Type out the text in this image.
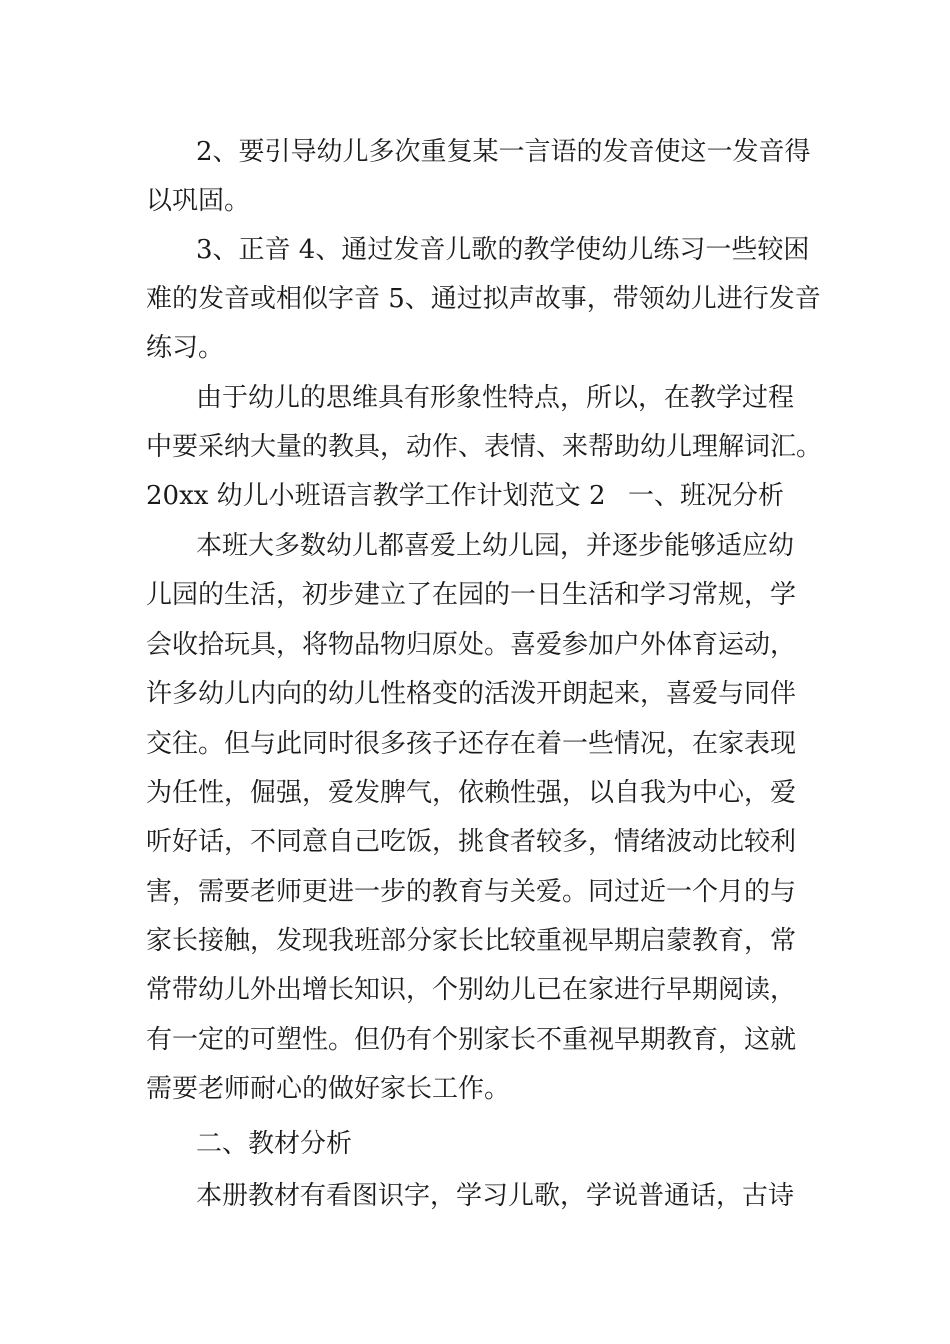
2、要引导幼儿多次重复某一言语的发音使这一发音得
以巩固。
3、正音 4、通过发音儿歌的教学使幼儿练习一些较困
难的发音或相似字音 5、通过拟声故事，带领幼儿进行发音
练习。
由于幼儿的思维具有形象性特点，所以，在教学过程
中要采纳大量的教具，动作、表情、来帮助幼儿理解词汇。
20xx 幼儿小班语言教学工作计划范文 2 一、班况分析
本班大多数幼儿都喜爱上幼儿园，并逐步能够适应幼
儿园的生活，初步建立了在园的一日生活和学习常规，学
会收拾玩具，将物品物归原处。喜爱参加户外体育运动，
许多幼儿内向的幼儿性格变的活泼开朗起来，喜爱与同伴
交往。但与此同时很多孩子还存在着一些情况，在家表现
为任性，倔强，爱发脾气，依赖性强，以自我为中心，爱
听好话，不同意自己吃饭，挑食者较多，情绪波动比较利
害，需要老师更进一步的教育与关爱。同过近一个月的与
家长接触，发现我班部分家长比较重视早期启蒙教育，常
常带幼儿外出增长知识，个别幼儿已在家进行早期阅读，
有一定的可塑性。但仍有个别家长不重视早期教育，这就
需要老师耐心的做好家长工作。
二、教材分析
本册教材有看图识字，学习儿歌，学说普通话，古诗
